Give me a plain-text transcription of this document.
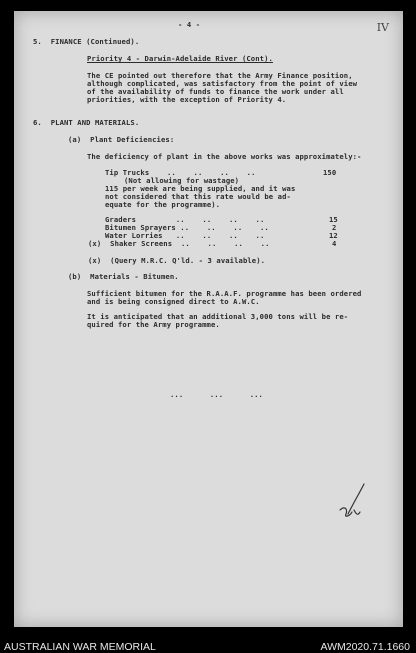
- 4 -	IV
5.  FINANCE (Continued).
Priority 4 - Darwin-Adelaide River (Cont).
The CE pointed out therefore that the Army Finance position,
although complicated, was satisfactory from the point of view
of the availability of funds to finance the work under all
priorities, with the exception of Priority 4.
6.  PLANT AND MATERIALS.
(a)  Plant Deficiencies:
The deficiency of plant in the above works was approximately:-
Tip Trucks    ..    ..    ..    ..	150
(Not allowing for wastage)
115 per week are being supplied, and it was
not considered that this rate would be ad-
equate for the programme).
Graders         ..    ..    ..    ..	15
Bitumen Sprayers ..    ..    ..    ..	2
Water Lorries   ..    ..    ..    ..	12
(x)  Shaker Screens  ..    ..    ..    ..	4
(x)  (Query M.R.C. Q'ld. - 3 available).
(b)  Materials - Bitumen.
Sufficient bitumen for the R.A.A.F. programme has been ordered
and is being consigned direct to A.W.C.
It is anticipated that an additional 3,000 tons will be re-
quired for the Army programme.
...      ...      ...
AUSTRALIAN WAR MEMORIAL	AWM2020.71.1660
